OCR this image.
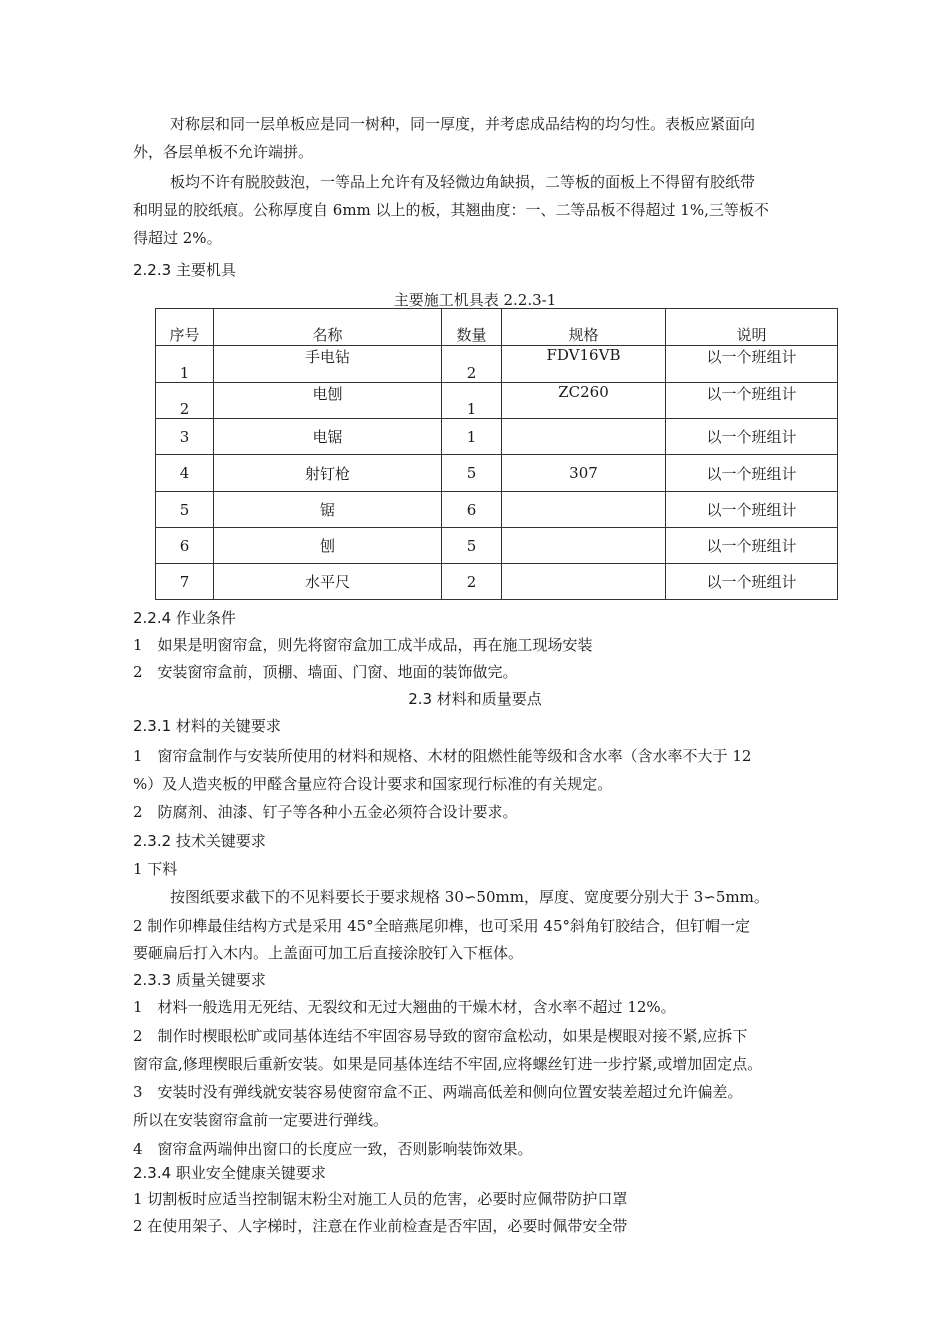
对称层和同一层单板应是同一树种，同一厚度，并考虑成品结构的均匀性。表板应紧面向
外，各层单板不允许端拼。
板均不许有脱胶鼓泡，一等品上允许有及轻微边角缺损，二等板的面板上不得留有胶纸带
和明显的胶纸痕。公称厚度自 6mm 以上的板，其翘曲度：一、二等品板不得超过 1%,三等板不
得超过 2%。
2.2.3 主要机具
主要施工机具表 2.2.3-1
序号	名称	数量	规格	说明
1	手电钻	2	FDV16VB	以一个班组计
2	电刨	1	ZC260	以一个班组计
3	电锯	1		以一个班组计
4	射钉枪	5	307	以一个班组计
5	锯	6		以一个班组计
6	刨	5		以一个班组计
7	水平尺	2		以一个班组计
2.2.4 作业条件
1　如果是明窗帘盒，则先将窗帘盒加工成半成品，再在施工现场安装
2　安装窗帘盒前，顶棚、墙面、门窗、地面的装饰做完。
2.3 材料和质量要点
2.3.1 材料的关键要求
1　窗帘盒制作与安装所使用的材料和规格、木材的阻燃性能等级和含水率（含水率不大于 12
%）及人造夹板的甲醛含量应符合设计要求和国家现行标准的有关规定。
2　防腐剂、油漆、钉子等各种小五金必须符合设计要求。
2.3.2 技术关键要求
1 下料
按图纸要求截下的不见料要长于要求规格 30∽50mm，厚度、宽度要分别大于 3∽5mm。
2 制作卯榫最佳结构方式是采用 45°全暗燕尾卯榫，也可采用 45°斜角钉胶结合，但钉帽一定
要砸扁后打入木内。上盖面可加工后直接涂胶钉入下框体。
2.3.3 质量关键要求
1　材料一般选用无死结、无裂纹和无过大翘曲的干燥木材，含水率不超过 12%。
2　制作时楔眼松旷或同基体连结不牢固容易导致的窗帘盒松动，如果是楔眼对接不紧,应拆下
窗帘盒,修理楔眼后重新安装。如果是同基体连结不牢固,应将螺丝钉进一步拧紧,或增加固定点。
3　安装时没有弹线就安装容易使窗帘盒不正、两端高低差和侧向位置安装差超过允许偏差。
所以在安装窗帘盒前一定要进行弹线。
4　窗帘盒两端伸出窗口的长度应一致，否则影响装饰效果。
2.3.4 职业安全健康关键要求
1 切割板时应适当控制锯末粉尘对施工人员的危害，必要时应佩带防护口罩
2 在使用架子、人字梯时，注意在作业前检查是否牢固，必要时佩带安全带
